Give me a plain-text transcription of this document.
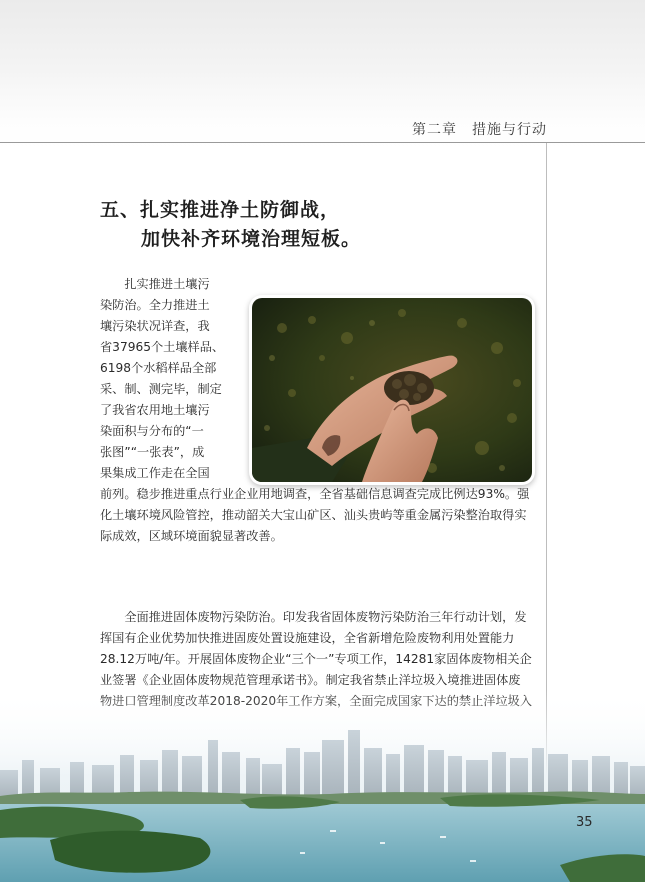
第二章　措施与行动
五、扎实推进净土防御战，
加快补齐环境治理短板。
　　扎实推进土壤污
染防治。全力推进土
壤污染状况详查，我
省37965个土壤样品、
6198个水稻样品全部
采、制、测完毕，制定
了我省农用地土壤污
染面积与分布的“一
张图”“一张表”，成
果集成工作走在全国
前列。稳步推进重点行业企业用地调查，全省基础信息调查完成比例达93%。强
化土壤环境风险管控，推动韶关大宝山矿区、汕头贵屿等重金属污染整治取得实
际成效，区域环境面貌显著改善。
　　全面推进固体废物污染防治。印发我省固体废物污染防治三年行动计划，发
挥国有企业优势加快推进固废处置设施建设，全省新增危险废物利用处置能力
28.12万吨/年。开展固体废物企业“三个一”专项工作，14281家固体废物相关企
业签署《企业固体废物规范管理承诺书》。制定我省禁止洋垃圾入境推进固体废
35
